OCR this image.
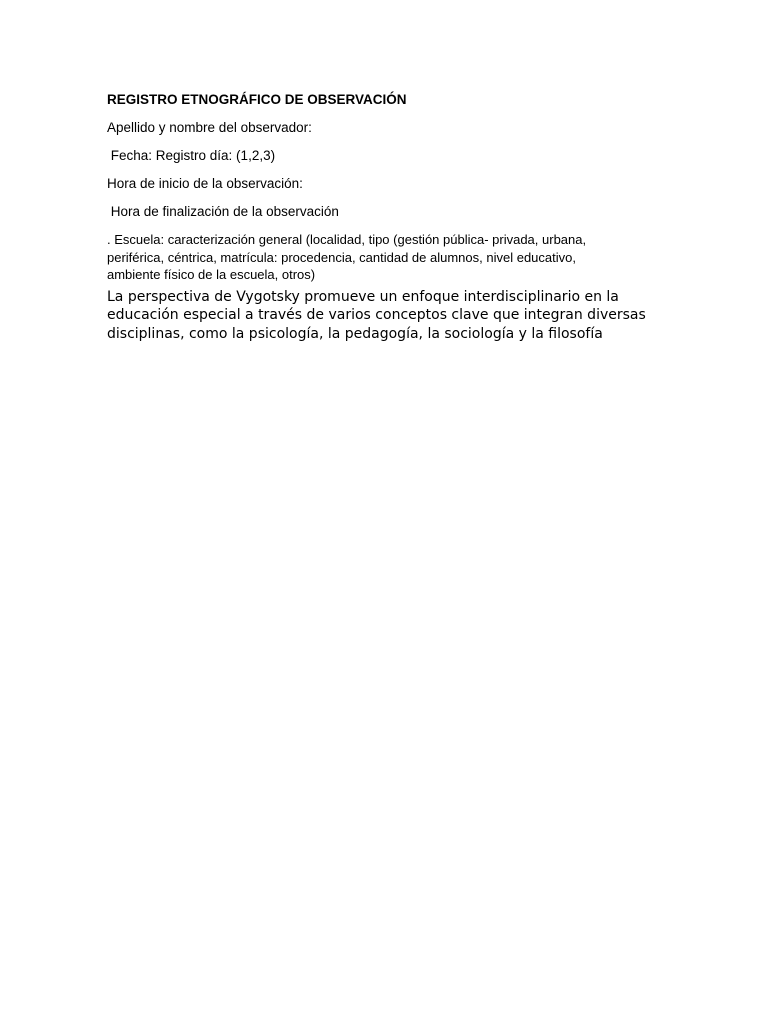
REGISTRO ETNOGRÁFICO DE OBSERVACIÓN
Apellido y nombre del observador:
Fecha: Registro día: (1,2,3)
Hora de inicio de la observación:
Hora de finalización de la observación
. Escuela: caracterización general (localidad, tipo (gestión pública- privada, urbana,
periférica, céntrica, matrícula: procedencia, cantidad de alumnos, nivel educativo,
ambiente físico de la escuela, otros)
La perspectiva de Vygotsky promueve un enfoque interdisciplinario en la
educación especial a través de varios conceptos clave que integran diversas
disciplinas, como la psicología, la pedagogía, la sociología y la filosofía
